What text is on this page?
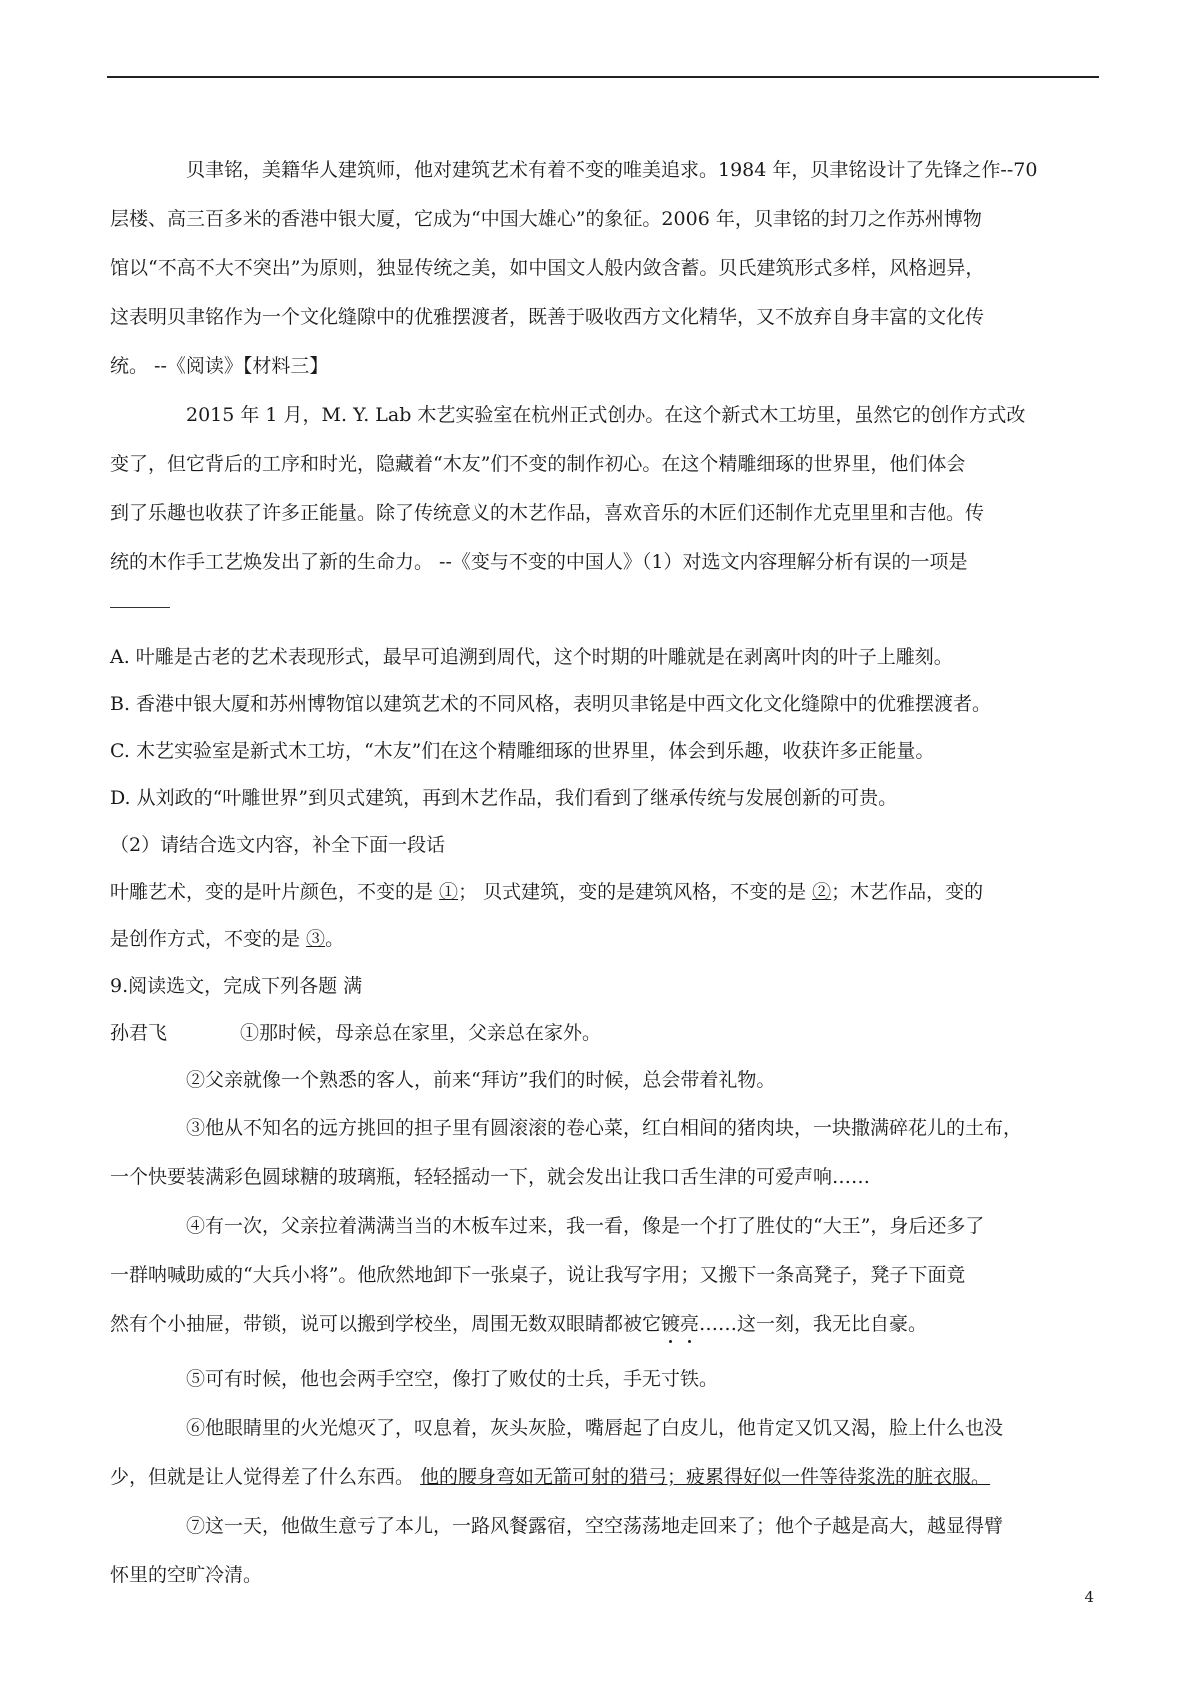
贝聿铭，美籍华人建筑师，他对建筑艺术有着不变的唯美追求。1984 年，贝聿铭设计了先锋之作--70
层楼、高三百多米的香港中银大厦，它成为“中国大雄心”的象征。2006 年，贝聿铭的封刀之作苏州博物
馆以“不高不大不突出”为原则，独显传统之美，如中国文人般内敛含蓄。贝氏建筑形式多样，风格迥异，
这表明贝聿铭作为一个文化缝隙中的优雅摆渡者，既善于吸收西方文化精华，又不放弃自身丰富的文化传
统。 --《阅读》【材料三】
2015 年 1 月，M. Y. Lab 木艺实验室在杭州正式创办。在这个新式木工坊里，虽然它的创作方式改
变了，但它背后的工序和时光，隐藏着“木友”们不变的制作初心。在这个精雕细琢的世界里，他们体会
到了乐趣也收获了许多正能量。除了传统意义的木艺作品，喜欢音乐的木匠们还制作尤克里里和吉他。传
统的木作手工艺焕发出了新的生命力。 --《变与不变的中国人》（1）对选文内容理解分析有误的一项是
A. 叶雕是古老的艺术表现形式，最早可追溯到周代，这个时期的叶雕就是在剥离叶肉的叶子上雕刻。
B. 香港中银大厦和苏州博物馆以建筑艺术的不同风格，表明贝聿铭是中西文化文化缝隙中的优雅摆渡者。
C. 木艺实验室是新式木工坊，“木友”们在这个精雕细琢的世界里，体会到乐趣，收获许多正能量。
D. 从刘政的“叶雕世界”到贝式建筑，再到木艺作品，我们看到了继承传统与发展创新的可贵。
（2）请结合选文内容，补全下面一段话
叶雕艺术，变的是叶片颜色，不变的是 ①； 贝式建筑，变的是建筑风格，不变的是 ②；木艺作品，变的
是创作方式，不变的是 ③。
9.阅读选文，完成下列各题 满
孙君飞	①那时候，母亲总在家里，父亲总在家外。
②父亲就像一个熟悉的客人，前来“拜访”我们的时候，总会带着礼物。
③他从不知名的远方挑回的担子里有圆滚滚的卷心菜，红白相间的猪肉块，一块撒满碎花儿的土布，
一个快要装满彩色圆球糖的玻璃瓶，轻轻摇动一下，就会发出让我口舌生津的可爱声响……
④有一次，父亲拉着满满当当的木板车过来，我一看，像是一个打了胜仗的“大王”，身后还多了
一群呐喊助威的“大兵小将”。他欣然地卸下一张桌子，说让我写字用；又搬下一条高凳子，凳子下面竟
然有个小抽屉，带锁，说可以搬到学校坐，周围无数双眼睛都被它镀亮
……这一刻，我无比自豪。
⑤可有时候，他也会两手空空，像打了败仗的士兵，手无寸铁。
⑥他眼睛里的火光熄灭了，叹息着，灰头灰脸，嘴唇起了白皮儿，他肯定又饥又渴，脸上什么也没
少，但就是让人觉得差了什么东西。 他的腰身弯如无箭可射的猎弓；疲累得好似一件等待浆洗的脏衣服。
⑦这一天，他做生意亏了本儿，一路风餐露宿，空空荡荡地走回来了；他个子越是高大，越显得臂
怀里的空旷冷清。
4
